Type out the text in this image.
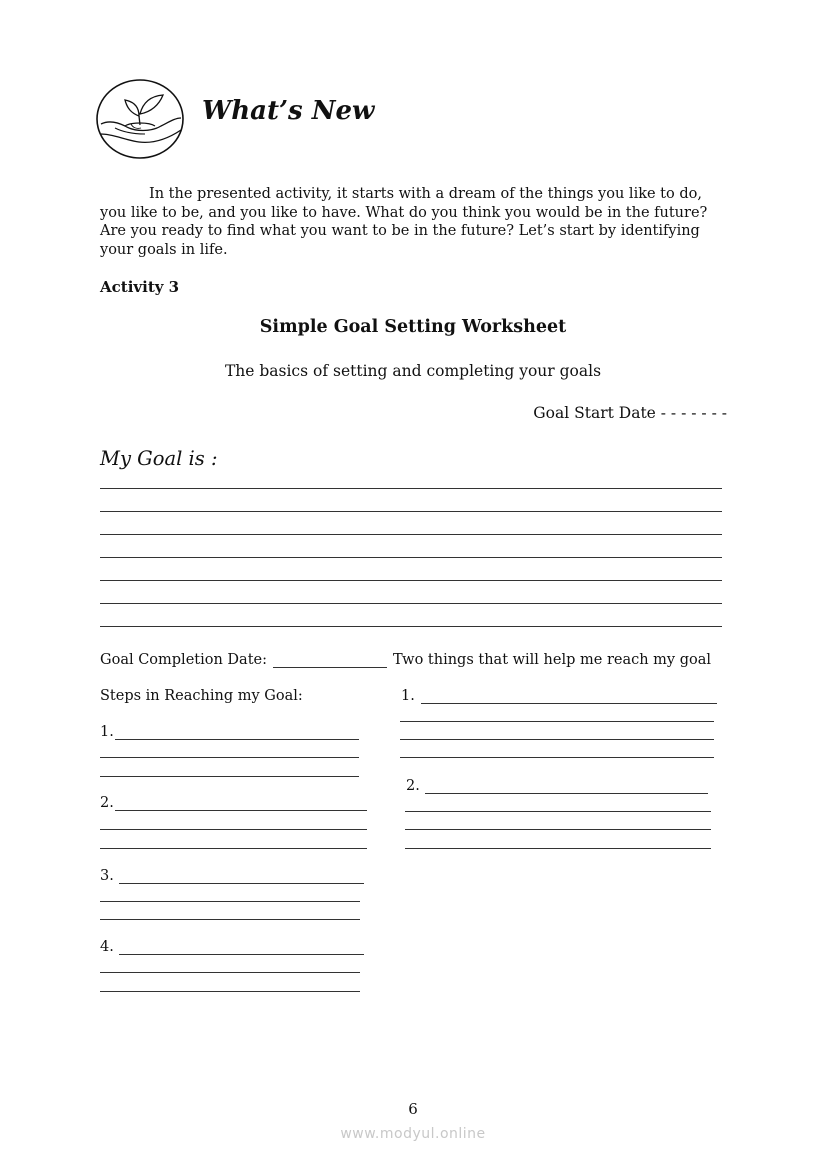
What’s New

In the presented activity, it starts with a dream of the things you like to do, you like to be, and you like to have. What do you think you would be in the future? Are you ready to find what you want to be in the future? Let’s start by identifying your goals in life.

Activity 3
Simple Goal Setting Worksheet
The basics of setting and completing your goals
Goal Start Date - - - - - - -
My Goal is :
Goal Completion Date:	Two things that will help me reach my goal
Steps in Reaching my Goal:
1.
2.
3.
4.
1.
2.
6
www.modyul.online
